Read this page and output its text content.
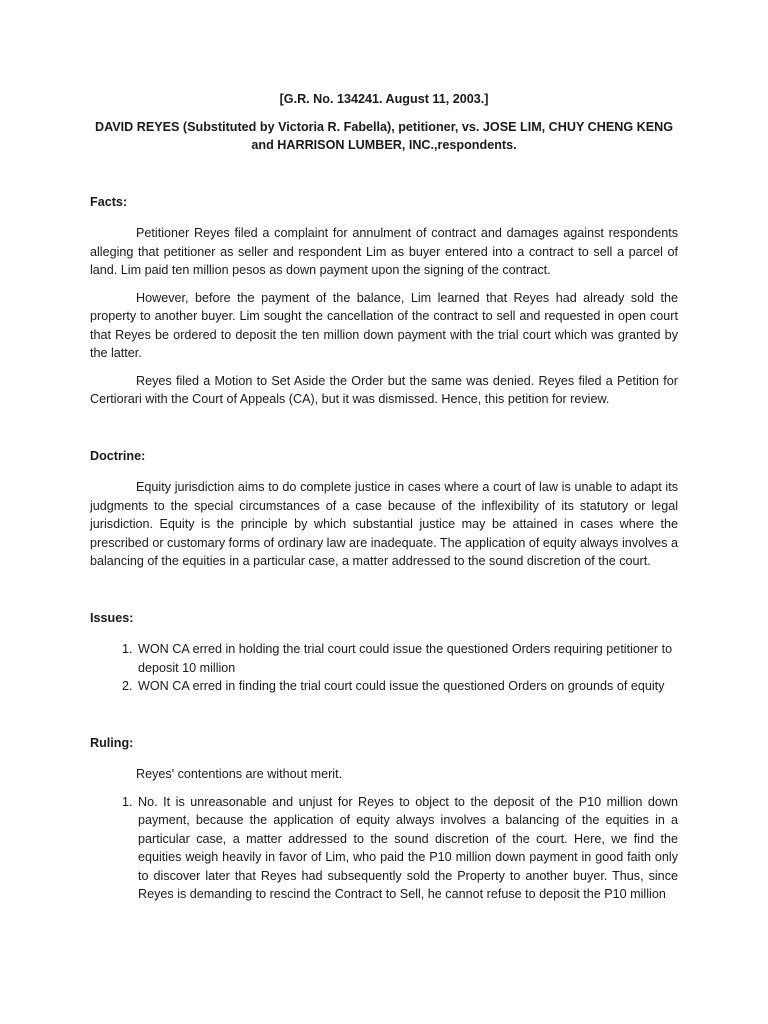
[G.R. No. 134241. August 11, 2003.]

DAVID REYES (Substituted by Victoria R. Fabella), petitioner, vs. JOSE LIM, CHUY CHENG KENG and HARRISON LUMBER, INC.,respondents.

Facts:

Petitioner Reyes filed a complaint for annulment of contract and damages against respondents alleging that petitioner as seller and respondent Lim as buyer entered into a contract to sell a parcel of land. Lim paid ten million pesos as down payment upon the signing of the contract.

However, before the payment of the balance, Lim learned that Reyes had already sold the property to another buyer. Lim sought the cancellation of the contract to sell and requested in open court that Reyes be ordered to deposit the ten million down payment with the trial court which was granted by the latter.

Reyes filed a Motion to Set Aside the Order but the same was denied. Reyes filed a Petition for Certiorari with the Court of Appeals (CA), but it was dismissed. Hence, this petition for review.

Doctrine:

Equity jurisdiction aims to do complete justice in cases where a court of law is unable to adapt its judgments to the special circumstances of a case because of the inflexibility of its statutory or legal jurisdiction. Equity is the principle by which substantial justice may be attained in cases where the prescribed or customary forms of ordinary law are inadequate. The application of equity always involves a balancing of the equities in a particular case, a matter addressed to the sound discretion of the court.

Issues:

1. WON CA erred in holding the trial court could issue the questioned Orders requiring petitioner to deposit 10 million
2. WON CA erred in finding the trial court could issue the questioned Orders on grounds of equity

Ruling:

Reyes' contentions are without merit.

1. No. It is unreasonable and unjust for Reyes to object to the deposit of the P10 million down payment, because the application of equity always involves a balancing of the equities in a particular case, a matter addressed to the sound discretion of the court. Here, we find the equities weigh heavily in favor of Lim, who paid the P10 million down payment in good faith only to discover later that Reyes had subsequently sold the Property to another buyer. Thus, since Reyes is demanding to rescind the Contract to Sell, he cannot refuse to deposit the P10 million
